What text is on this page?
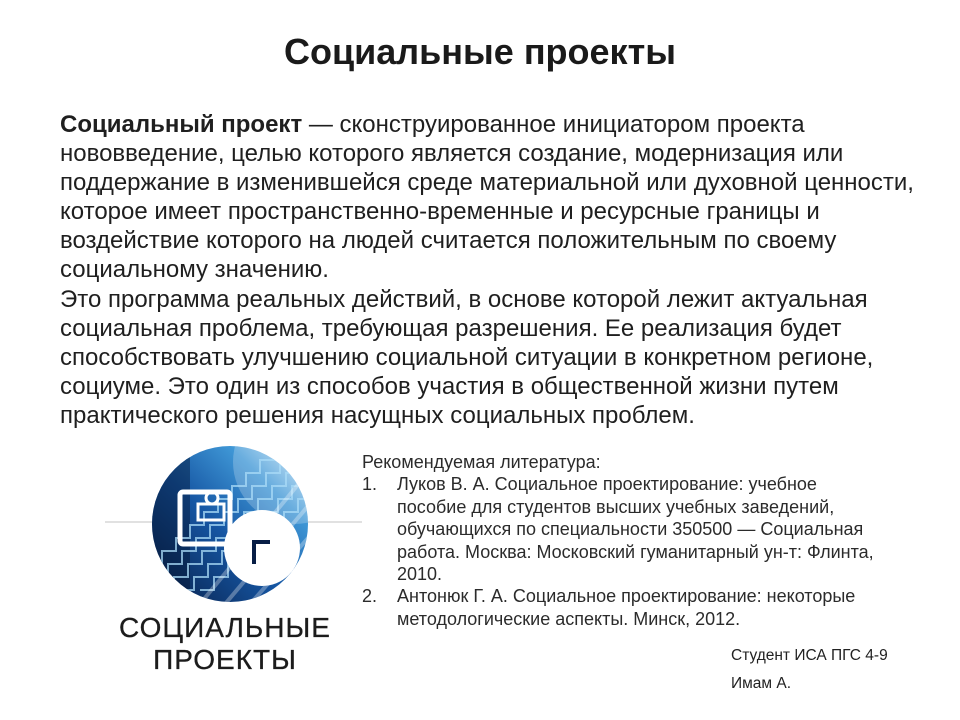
Социальные проекты
Социальный проект — сконструированное инициатором проекта
нововведение, целью которого является создание, модернизация или
поддержание в изменившейся среде материальной или духовной ценности,
которое имеет пространственно-временные и ресурсные границы и
воздействие которого на людей считается положительным по своему
социальному значению.
Это программа реальных действий, в основе которой лежит актуальная
социальная проблема, требующая разрешения. Ее реализация будет
способствовать улучшению социальной ситуации в конкретном регионе,
социуме. Это один из способов участия в общественной жизни путем
практического решения насущных социальных проблем.
СОЦИАЛЬНЫЕ
ПРОЕКТЫ
Рекомендуемая литература:
1.	Луков В. А. Социальное проектирование: учебное
пособие для студентов высших учебных заведений,
обучающихся по специальности 350500 — Социальная
работа. Москва: Московский гуманитарный ун-т: Флинта,
2010.
2.	Антонюк Г. А. Социальное проектирование: некоторые
методологические аспекты. Минск, 2012.
Студент ИСА ПГС 4-9
Имам А.
